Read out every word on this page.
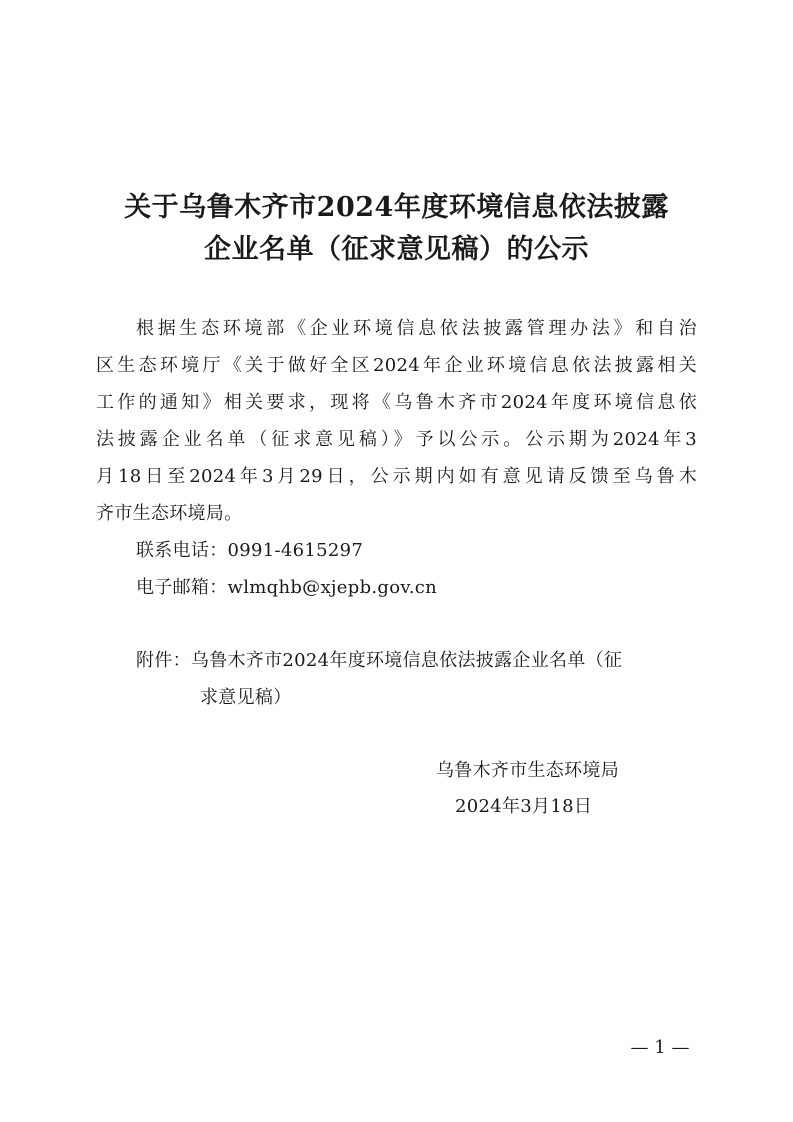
关于乌鲁木齐市2024年度环境信息依法披露
企业名单（征求意见稿）的公示
根据生态环境部《企业环境信息依法披露管理办法》和自治
区生态环境厅《关于做好全区2024年企业环境信息依法披露相关
工作的通知》相关要求，现将《乌鲁木齐市2024年度环境信息依
法披露企业名单（征求意见稿）》予以公示。公示期为2024年3
月18日至2024年3月29日，公示期内如有意见请反馈至乌鲁木
齐市生态环境局。
联系电话：0991-4615297
电子邮箱：wlmqhb@xjepb.gov.cn
附件：乌鲁木齐市2024年度环境信息依法披露企业名单（征
求意见稿）
乌鲁木齐市生态环境局
2024年3月18日
— 1 —
